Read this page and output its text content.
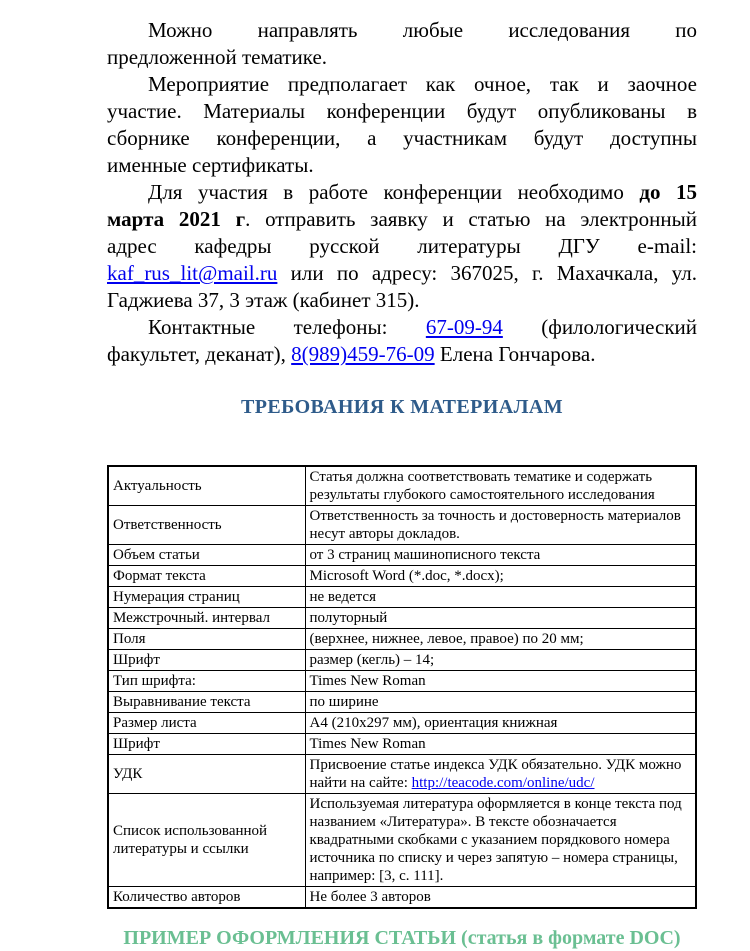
Можно направлять любые исследования по
предложенной тематике.

Мероприятие предполагает как очное, так и заочное
участие. Материалы конференции будут опубликованы в
сборнике конференции, а участникам будут доступны
именные сертификаты.

Для участия в работе конференции необходимо до 15
марта 2021 г. отправить заявку и статью на электронный
адрес кафедры русской литературы ДГУ e-mail:
kaf_rus_lit@mail.ru или по адресу: 367025, г. Махачкала, ул.
Гаджиева 37, 3 этаж (кабинет 315).

Контактные телефоны: 67-09-94 (филологический
факультет, деканат), 8(989)459-76-09 Елена Гончарова.

ТРЕБОВАНИЯ К МАТЕРИАЛАМ
Актуальность	Статья должна соответствовать тематике и содержать результаты глубокого самостоятельного исследования
Ответственность	Ответственность за точность и достоверность материалов несут авторы докладов.
Объем статьи	от 3 страниц машинописного текста
Формат текста	Microsoft Word (*.doc, *.docx);
Нумерация страниц	не ведется
Межстрочный. интервал	полуторный
Поля	(верхнее, нижнее, левое, правое) по 20 мм;
Шрифт	размер (кегль) – 14;
Тип шрифта:	Times New Roman
Выравнивание текста	по ширине
Размер листа	А4 (210х297 мм), ориентация книжная
Шрифт	Times New Roman
УДК	Присвоение статье индекса УДК обязательно. УДК можно найти на сайте: http://teacode.com/online/udc/
Список использованной литературы и ссылки	Используемая литература оформляется в конце текста под названием «Литература». В тексте обозначается квадратными скобками с указанием порядкового номера источника по списку и через запятую – номера страницы, например: [3, с. 111].
Количество авторов	Не более 3 авторов
ПРИМЕР ОФОРМЛЕНИЯ СТАТЬИ (статья в формате DOC)
